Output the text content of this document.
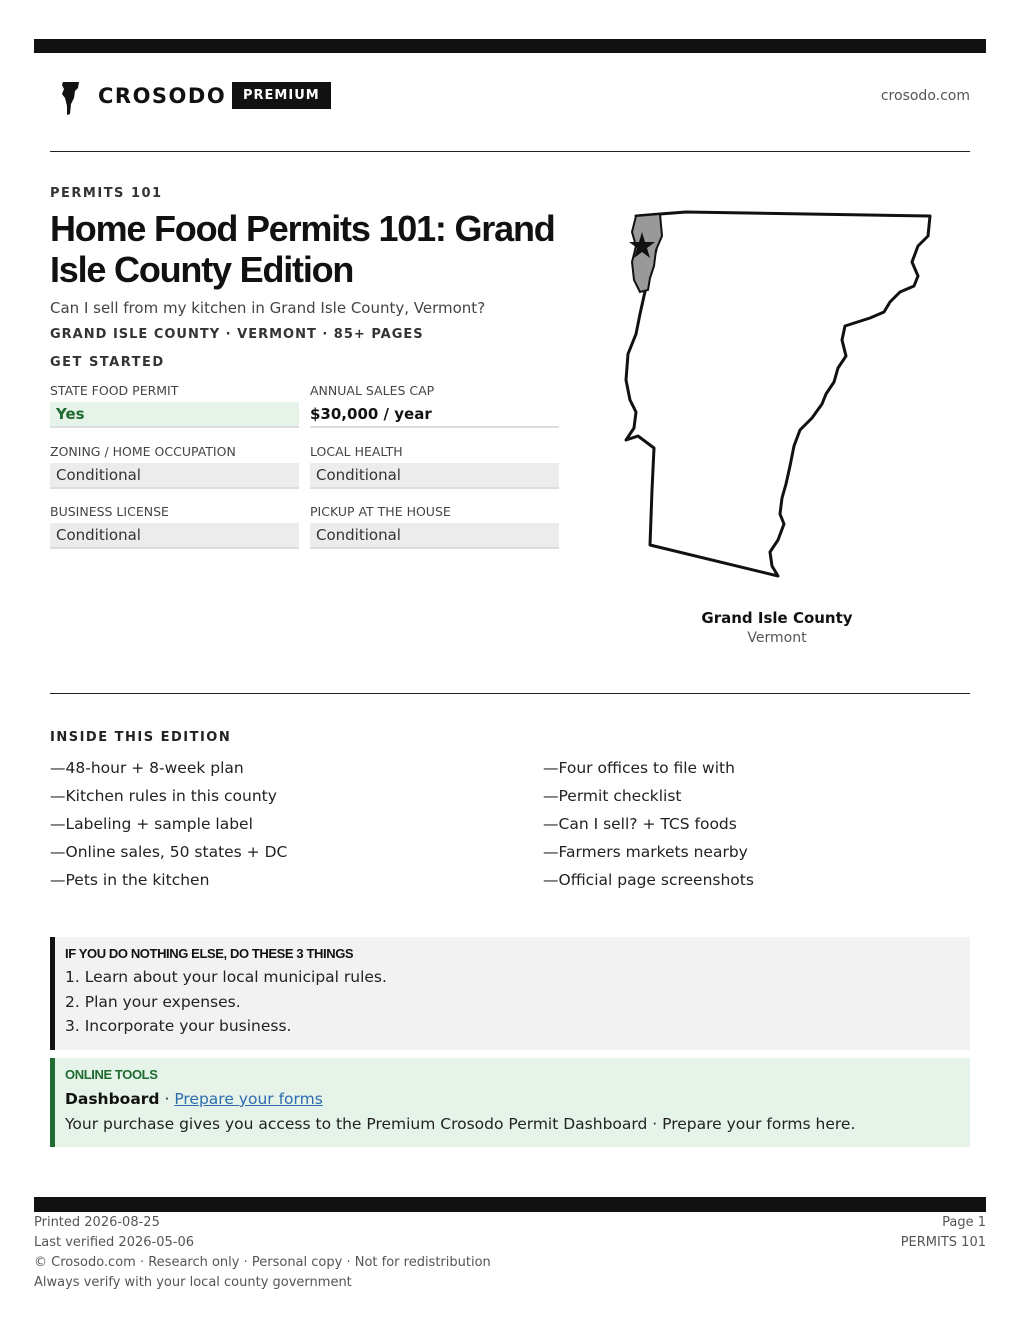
CROSODO	PREMIUM	crosodo.com
PERMITS 101
Home Food Permits 101: Grand Isle County Edition
Can I sell from my kitchen in Grand Isle County, Vermont?
GRAND ISLE COUNTY · VERMONT · 85+ PAGES
GET STARTED
STATE FOOD PERMIT
Yes
ANNUAL SALES CAP
$30,000 / year
ZONING / HOME OCCUPATION
Conditional
LOCAL HEALTH
Conditional
BUSINESS LICENSE
Conditional
PICKUP AT THE HOUSE
Conditional
Grand Isle County
Vermont
INSIDE THIS EDITION
—48-hour + 8-week plan
—Kitchen rules in this county
—Labeling + sample label
—Online sales, 50 states + DC
—Pets in the kitchen
—Four offices to file with
—Permit checklist
—Can I sell? + TCS foods
—Farmers markets nearby
—Official page screenshots
IF YOU DO NOTHING ELSE, DO THESE 3 THINGS
1. Learn about your local municipal rules.
2. Plan your expenses.
3. Incorporate your business.
ONLINE TOOLS
Dashboard · Prepare your forms
Your purchase gives you access to the Premium Crosodo Permit Dashboard · Prepare your forms here.
Printed 2026-08-25
Last verified 2026-05-06
© Crosodo.com · Research only · Personal copy · Not for redistribution
Always verify with your local county government
Page 1
PERMITS 101
